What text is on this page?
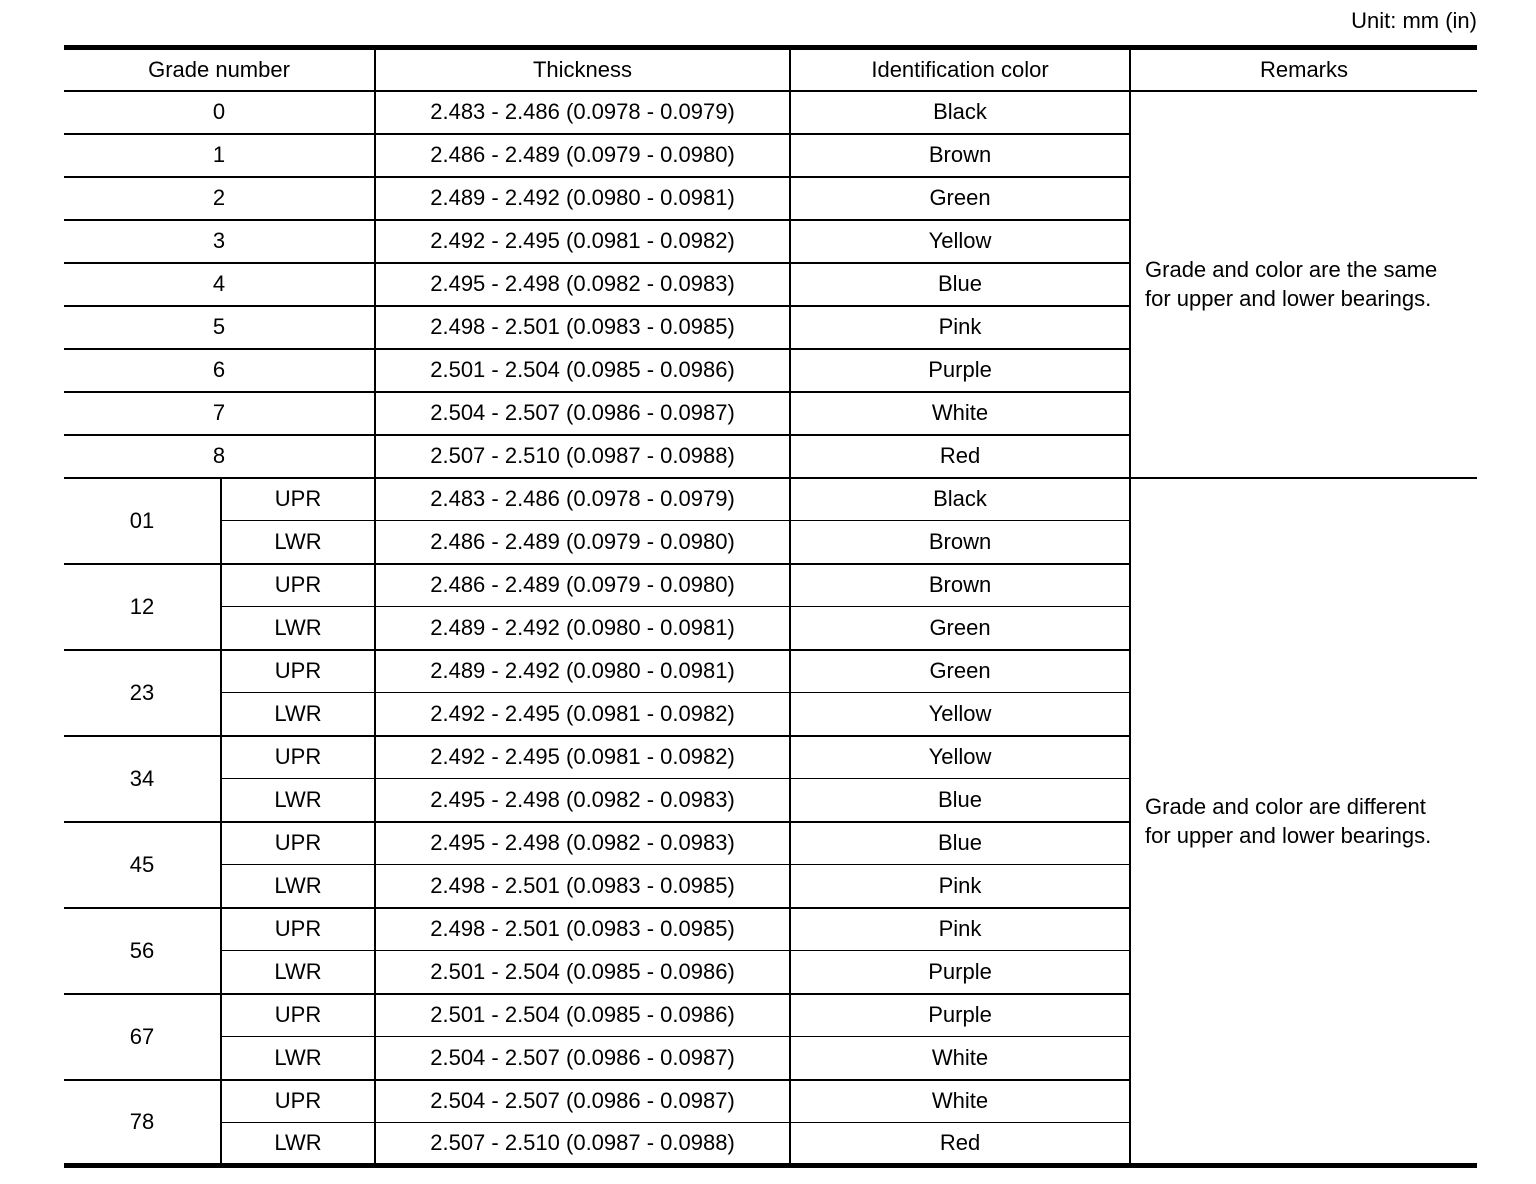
Unit: mm (in)
Grade number		Thickness	Identification color	Remarks
0		2.483 - 2.486 (0.0978 - 0.0979)	Black	Grade and color are the same
for upper and lower bearings.

1		2.486 - 2.489 (0.0979 - 0.0980)	Brown	
2		2.489 - 2.492 (0.0980 - 0.0981)	Green	
3		2.492 - 2.495 (0.0981 - 0.0982)	Yellow	
4		2.495 - 2.498 (0.0982 - 0.0983)	Blue	
5		2.498 - 2.501 (0.0983 - 0.0985)	Pink	
6		2.501 - 2.504 (0.0985 - 0.0986)	Purple	
7		2.504 - 2.507 (0.0986 - 0.0987)	White	
8		2.507 - 2.510 (0.0987 - 0.0988)	Red	
01	UPR	2.483 - 2.486 (0.0978 - 0.0979)	Black	Grade and color are different
for upper and lower bearings.

	LWR	2.486 - 2.489 (0.0979 - 0.0980)	Brown	
12	UPR	2.486 - 2.489 (0.0979 - 0.0980)	Brown	
	LWR	2.489 - 2.492 (0.0980 - 0.0981)	Green	
23	UPR	2.489 - 2.492 (0.0980 - 0.0981)	Green	
	LWR	2.492 - 2.495 (0.0981 - 0.0982)	Yellow	
34	UPR	2.492 - 2.495 (0.0981 - 0.0982)	Yellow	
	LWR	2.495 - 2.498 (0.0982 - 0.0983)	Blue	
45	UPR	2.495 - 2.498 (0.0982 - 0.0983)	Blue	
	LWR	2.498 - 2.501 (0.0983 - 0.0985)	Pink	
56	UPR	2.498 - 2.501 (0.0983 - 0.0985)	Pink	
	LWR	2.501 - 2.504 (0.0985 - 0.0986)	Purple	
67	UPR	2.501 - 2.504 (0.0985 - 0.0986)	Purple	
	LWR	2.504 - 2.507 (0.0986 - 0.0987)	White	
78	UPR	2.504 - 2.507 (0.0986 - 0.0987)	White	
	LWR	2.507 - 2.510 (0.0987 - 0.0988)	Red	
